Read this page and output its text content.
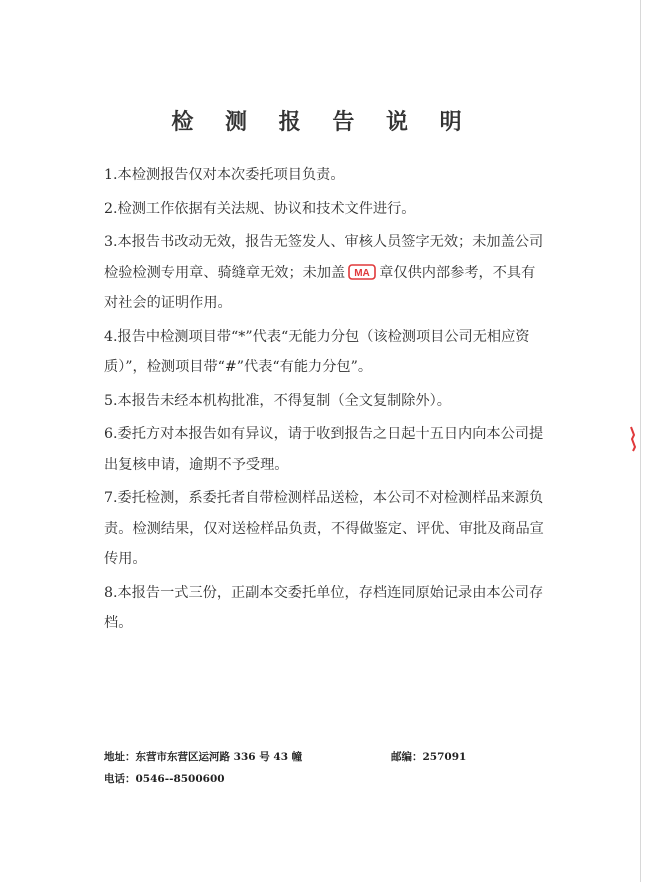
检 测 报 告 说 明

1.本检测报告仅对本次委托项目负责。

2.检测工作依据有关法规、协议和技术文件进行。

3.本报告书改动无效，报告无签发人、审核人员签字无效；未加盖公司检验检测专用章、骑缝章无效；未加盖 MA 章仅供内部参考，不具有对社会的证明作用。

4.报告中检测项目带“*”代表“无能力分包（该检测项目公司无相应资质）”，检测项目带“#”代表“有能力分包”。

5.本报告未经本机构批准，不得复制（全文复制除外）。

6.委托方对本报告如有异议，请于收到报告之日起十五日内向本公司提出复核申请，逾期不予受理。

7.委托检测，系委托者自带检测样品送检，本公司不对检测样品来源负责。检测结果，仅对送检样品负责，不得做鉴定、评优、审批及商品宣传用。

8.本报告一式三份，正副本交委托单位，存档连同原始记录由本公司存档。

地址：东营市东营区运河路 336 号 43 幢	邮编：257091
电话：0546--8500600
